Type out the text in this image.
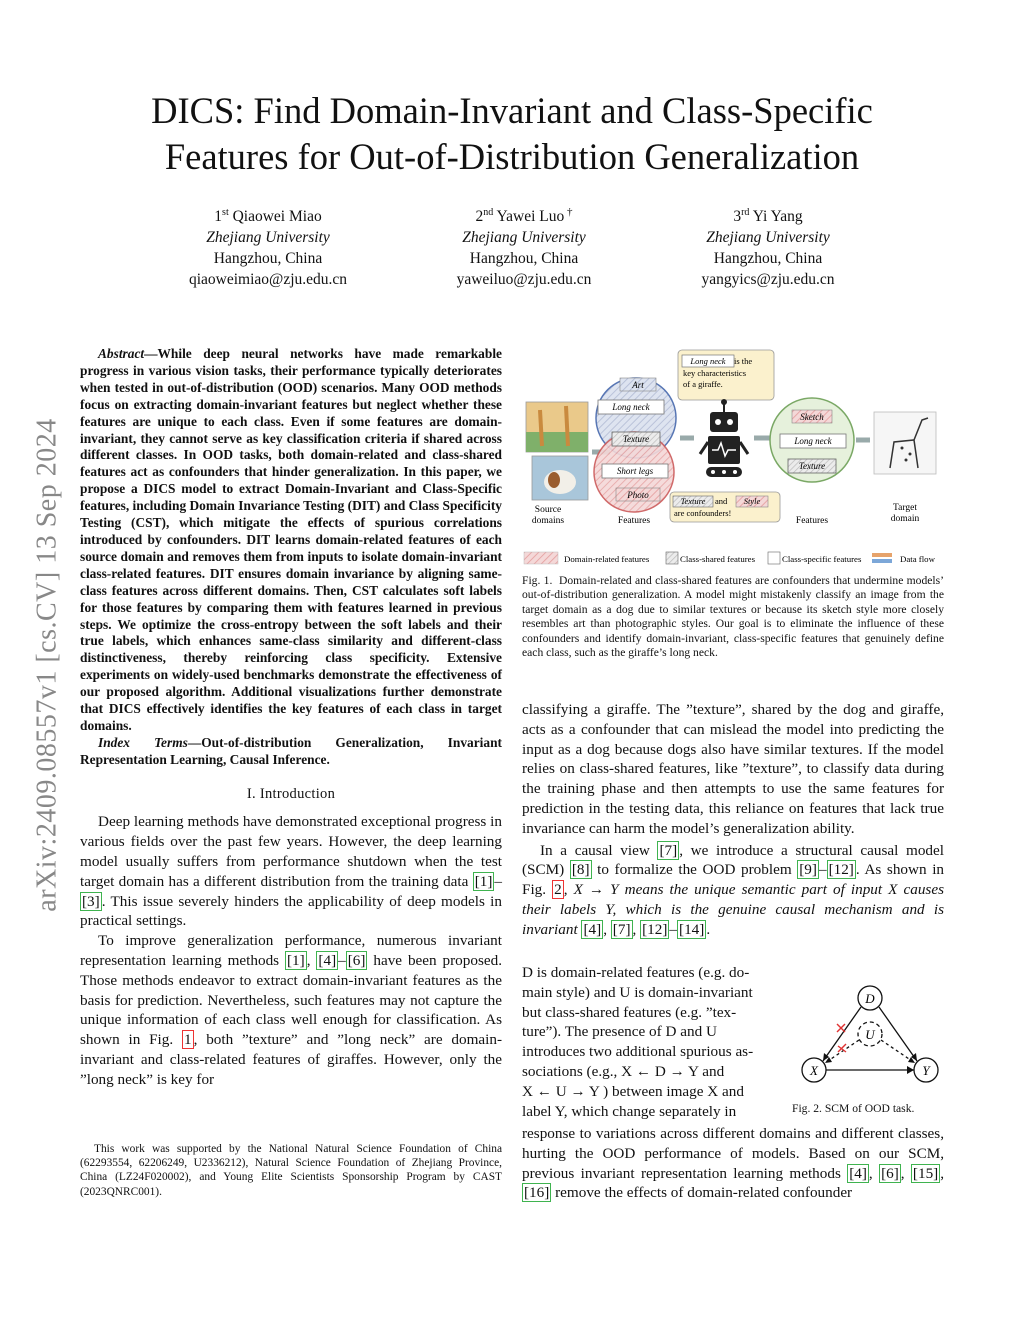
arXiv:2409.08557v1 [cs.CV] 13 Sep 2024
DICS: Find Domain-Invariant and Class-Specific
Features for Out-of-Distribution Generalization
1st Qiaowei Miao
Zhejiang University
Hangzhou, China
qiaoweimiao@zju.edu.cn
2nd Yawei Luo †
Zhejiang University
Hangzhou, China
yaweiluo@zju.edu.cn
3rd Yi Yang
Zhejiang University
Hangzhou, China
yangyics@zju.edu.cn

Abstract—While deep neural networks have made remarkable progress in various vision tasks, their performance typically deteriorates when tested in out-of-distribution (OOD) scenarios. Many OOD methods focus on extracting domain-invariant features but neglect whether these features are unique to each class. Even if some features are domain-invariant, they cannot serve as key classification criteria if shared across different classes. In OOD tasks, both domain-related and class-shared features act as confounders that hinder generalization. In this paper, we propose a DICS model to extract Domain-Invariant and Class-Specific features, including Domain Invariance Testing (DIT) and Class Specificity Testing (CST), which mitigate the effects of spurious correlations introduced by confounders. DIT learns domain-related features of each source domain and removes them from inputs to isolate domain-invariant class-related features. DIT ensures domain invariance by aligning same-class features across different domains. Then, CST calculates soft labels for those features by comparing them with features learned in previous steps. We optimize the cross-entropy between the soft labels and their true labels, which enhances same-class similarity and different-class distinctiveness, thereby reinforcing class specificity. Extensive experiments on widely-used benchmarks demonstrate the effectiveness of our proposed algorithm. Additional visualizations further demonstrate that DICS effectively identifies the key features of each class in target domains.

Index Terms—Out-of-distribution Generalization, Invariant Representation Learning, Causal Inference.

I. Introduction

Deep learning methods have demonstrated exceptional progress in various fields over the past few years. However, the deep learning model usually suffers from performance shutdown when the test target domain has a different distribution from the training data [1] –[3] . This issue severely hinders the applicability of deep models in practical settings.

To improve generalization performance, numerous invariant representation learning methods [1] , [4] – [6] have been proposed. Those methods endeavor to extract domain-invariant features as the basis for prediction. Nevertheless, such features may not capture the unique information of each class well enough for classification. As shown in Fig. 1 , both ”texture” and ”long neck” are domain-invariant and class-related features of giraffes. However, only the ”long neck” is key for

This work was supported by the National Natural Science Foundation of China (62293554, 62206249, U2336212), Natural Science Foundation of Zhejiang Province, China (LZ24F020002), and Young Elite Scientists Sponsorship Program by CAST (2023QNRC001).
Source
domains
Art
Long neck
Texture
Short legs
Photo
Features
Long neck is the
key characteristics
of a giraffe.
Texture and Style
are confounders!
Sketch
Long neck
Texture
Features
Target
domain
Domain-related features	Class-shared features	Class-specific features	Data flow
Fig. 1. Domain-related and class-shared features are confounders that undermine models’ out-of-distribution generalization. A model might mistakenly classify an image from the target domain as a dog due to similar textures or because its sketch style more closely resembles art than photographic styles. Our goal is to eliminate the influence of these confounders and identify domain-invariant, class-specific features that genuinely define each class, such as the giraffe’s long neck.

classifying a giraffe. The ”texture”, shared by the dog and giraffe, acts as a confounder that can mislead the model into predicting the input as a dog because dogs also have similar textures. If the model relies on class-shared features, like ”texture”, to classify data during the training phase and then attempts to use the same features for prediction in the testing data, this reliance on features that lack true invariance can harm the model’s generalization ability.

In a causal view [7] , we introduce a structural causal model (SCM) [8] to formalize the OOD problem [9] – [12] . As shown in Fig. 2 , X → Y means the unique semantic part of input X causes their labels Y, which is the genuine causal mechanism and is invariant [4] , [7] , [12] – [14] .

D is domain-related features (e.g. do-
main style) and U is domain-invariant
but class-shared features (e.g. ”tex-
ture”). The presence of D and U
introduces two additional spurious as-
sociations (e.g., X ← D → Y and
X ← U → Y ) between image X and
label Y, which change separately in
D
U
X	Y
Fig. 2. SCM of OOD task.

response to variations across different domains and different classes, hurting the OOD performance of models. Based on our SCM, previous invariant representation learning methods [4] , [6] , [15] , [16] remove the effects of domain-related confounder
